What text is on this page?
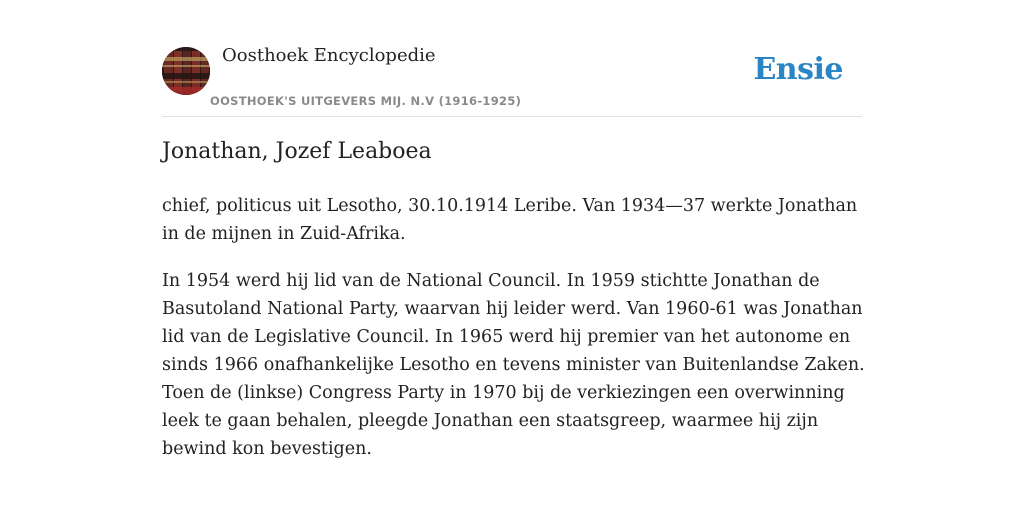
Oosthoek Encyclopedie
OOSTHOEK'S UITGEVERS MIJ. N.V (1916-1925)
Ensie
Jonathan, Jozef Leaboea

chief, politicus uit Lesotho, 30.10.1914 Leribe. Van 1934—37 werkte Jonathan in de mijnen in Zuid-Afrika.

In 1954 werd hij lid van de National Council. In 1959 stichtte Jonathan de Basutoland National Party, waarvan hij leider werd. Van 1960-61 was Jonathan lid van de Legislative Council. In 1965 werd hij premier van het autonome en sinds 1966 onafhankelijke Lesotho en tevens minister van Buitenlandse Zaken. Toen de (linkse) Congress Party in 1970 bij de verkiezingen een overwinning leek te gaan behalen, pleegde Jonathan een staatsgreep, waarmee hij zijn bewind kon bevestigen.
